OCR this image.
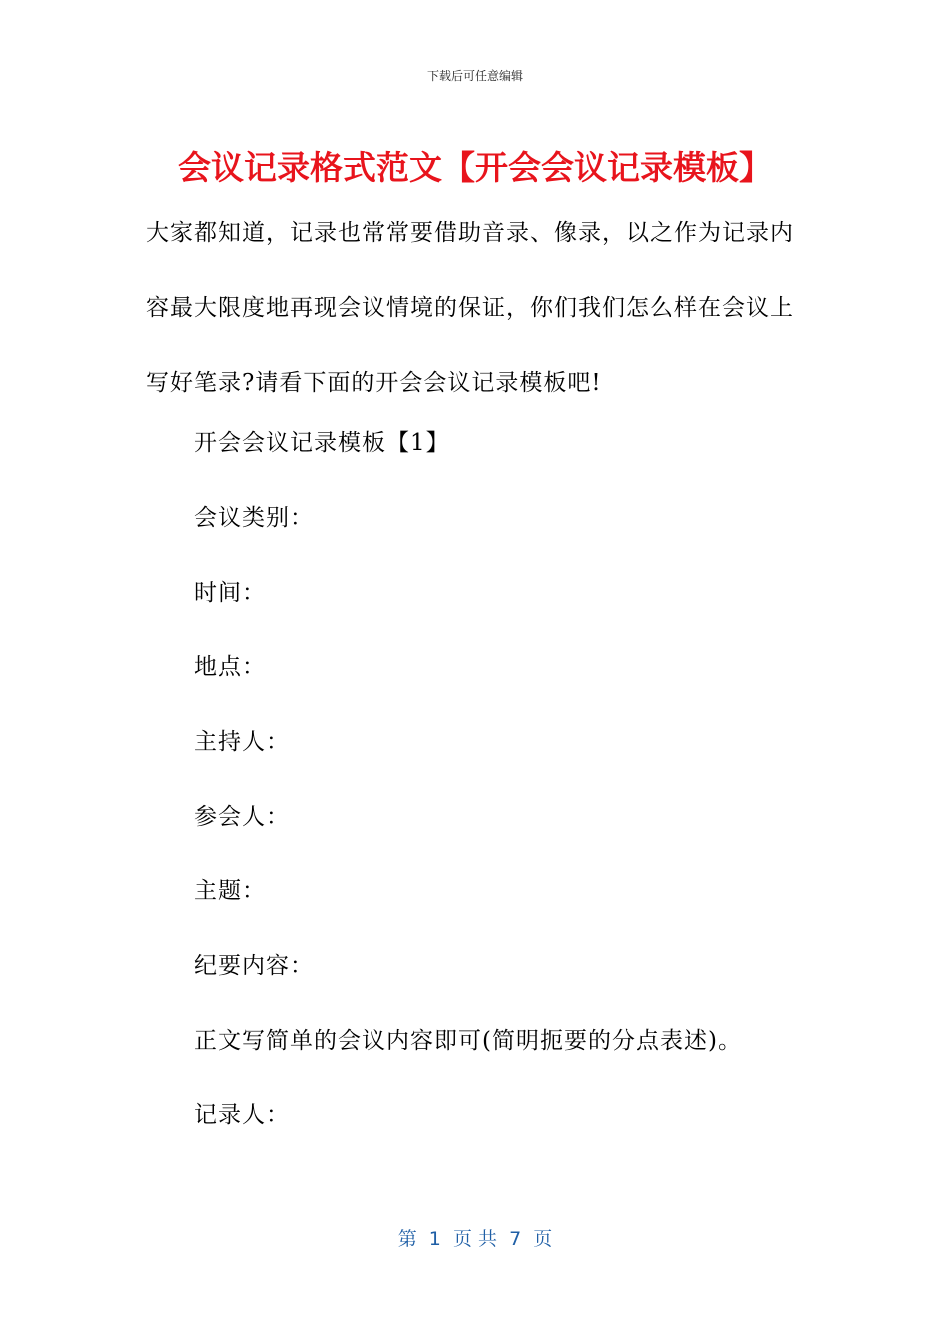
下载后可任意编辑
会议记录格式范文【开会会议记录模板】
大家都知道，记录也常常要借助音录、像录，以之作为记录内
容最大限度地再现会议情境的保证，你们我们怎么样在会议上
写好笔录?请看下面的开会会议记录模板吧!
开会会议记录模板【1】
会议类别：
时间：
地点：
主持人：
参会人：
主题：
纪要内容：
正文写简单的会议内容即可(简明扼要的分点表述)。
记录人：
第  1  页 共  7  页
